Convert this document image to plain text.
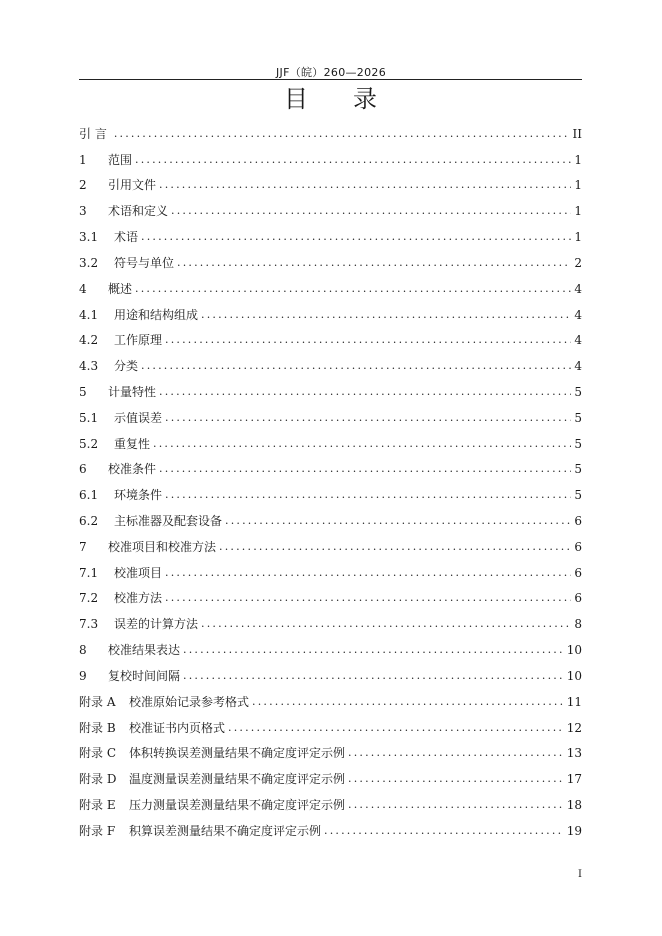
JJF（皖）260—2026
目 录
引 言 .....	II
1	范围 .....	1
2	引用文件 .....	1
3	术语和定义 .....	1
3.1	术语 .....	1
3.2	符号与单位 .....	2
4	概述 .....	4
4.1	用途和结构组成 .....	4
4.2	工作原理 .....	4
4.3	分类 .....	4
5	计量特性 .....	5
5.1	示值误差 .....	5
5.2	重复性 .....	5
6	校准条件 .....	5
6.1	环境条件 .....	5
6.2	主标准器及配套设备 .....	6
7	校准项目和校准方法 .....	6
7.1	校准项目 .....	6
7.2	校准方法 .....	6
7.3	误差的计算方法 .....	8
8	校准结果表达 .....	10
9	复校时间间隔 .....	10
附录 A	校准原始记录参考格式 .....	11
附录 B	校准证书内页格式 .....	12
附录 C	体积转换误差测量结果不确定度评定示例 .....	13
附录 D	温度测量误差测量结果不确定度评定示例 .....	17
附录 E	压力测量误差测量结果不确定度评定示例 .....	18
附录 F	积算误差测量结果不确定度评定示例 .....	19
I
